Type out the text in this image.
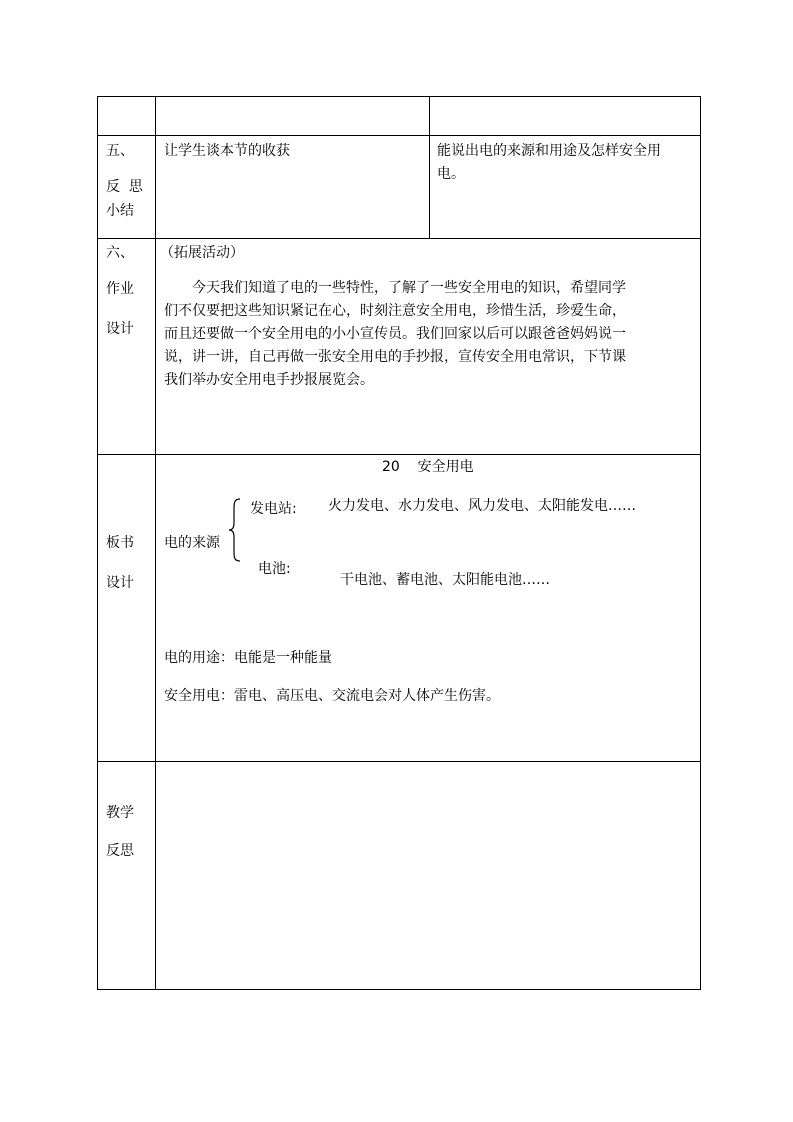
五、
反  思
小结
让学生谈本节的收获	能说出电的来源和用途及怎样安全用
电。
六、
作业
设计
（拓展活动）
今天我们知道了电的一些特性，了解了一些安全用电的知识，希望同学
们不仅要把这些知识紧记在心，时刻注意安全用电，珍惜生活，珍爱生命，
而且还要做一个安全用电的小小宣传员。我们回家以后可以跟爸爸妈妈说一
说，讲一讲，自己再做一张安全用电的手抄报，宣传安全用电常识，下节课
我们举办安全用电手抄报展览会。
板书
设计
20    安全用电
电的来源
发电站: 火力发电、水力发电、风力发电、太阳能发电……
电池:
干电池、蓄电池、太阳能电池……
电的用途：电能是一种能量
安全用电：雷电、高压电、交流电会对人体产生伤害。
教学
反思
